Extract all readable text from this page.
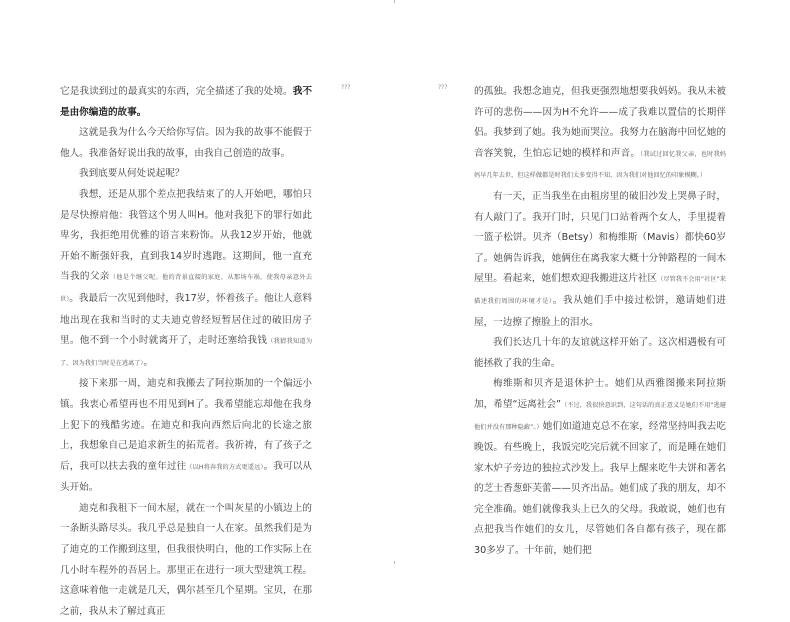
???	???

它是我读到过的最真实的东西，完全描述了我的处境。我不是由你编造的故事。

这就是我为什么今天给你写信。因为我的故事不能假于他人。我准备好说出我的故事，由我自己创造的故事。

我到底要从何处说起呢？

我想，还是从那个差点把我结束了的人开始吧，哪怕只是尽快擦肩他：我管这个男人叫H。他对我犯下的罪行如此卑劣，我拒绝用优雅的语言来粉饰。从我12岁开始，他就开始不断强奸我，直到我14岁时逃跑。这期间，他一直充当我的父亲（他是个继父呢。他的背景直接的家庭，从那场车祸，使我母亲意外去世）。我最后一次见到他时，我17岁，怀着孩子。他让人意料地出现在我和当时的丈夫迪克曾经短暂居住过的破旧房子里。他不到一个小时就离开了，走时还塞给我钱（我猜我知道为了，因为我们当时是在逃离了）。

接下来那一周，迪克和我搬去了阿拉斯加的一个偏远小镇。我衷心希望再也不用见到H了。我希望能忘却他在我身上犯下的残酷劣迹。在迪克和我向西然后向北的长途之旅上，我想象自己是追求新生的拓荒者。我祈祷，有了孩子之后，我可以扶去我的童年过往（以H将奔我的方式更遥远）。我可以从头开始。

迪克和我租下一间木屋，就在一个叫灰星的小镇边上的一条断头路尽头。我几乎总是独自一人在家。虽然我们是为了迪克的工作搬到这里，但我很快明白，他的工作实际上在几小时车程外的吾居上。那里正在进行一项大型建筑工程。这意味着他一走就是几天，偶尔甚至几个星期。宝贝，在那之前，我从未了解过真正

的孤独。我想念迪克，但我更强烈地想要我妈妈。我从未被许可的悲伤——因为H不允许——成了我难以置信的长期伴侣。我梦到了她。我为她而哭泣。我努力在脑海中回忆她的音容笑貌，生怕忘记她的模样和声音。（我试过回忆我父亲，也时我妈妈早几年去世，但这样做都是时我们太多变得不知，因为我们对他回忆的印象模糊。）

有一天，正当我坐在由租房里的破旧沙发上哭鼻子时，有人敲门了。我开门时，只见门口站着两个女人，手里提着一篮子松饼。贝齐（Betsy）和梅维斯（Mavis）都快60岁了。她俩告诉我，她俩住在离我家大概十分钟路程的一间木屋里。看起来，她们想欢迎我搬进这片社区（尽管我不会用“社区”来描述我们周围的环境才是）。我从她们手中接过松饼，邀请她们进屋，一边擦了擦脸上的泪水。

我们长达几十年的友谊就这样开始了。这次相遇极有可能拯救了我的生命。

梅维斯和贝齐是退休护士。她们从西雅图搬来阿拉斯加，希望“远离社会”（不过，我很快意识到，这句话的真正意义是她们不用“逃避他们并没有那种隐蔽”。）她们如道迪克总不在家，经常坚持叫我去吃晚饭。有些晚上，我饭完吃完后就不回家了，而是睡在她们家木炉子旁边的独拉式沙发上。我早上醒来吃牛夫饼和著名的芝士香葱虾芙蕾——贝齐出品。她们成了我的朋友，却不完全准确。她们就像我头上已久的父母。我敢说，她们也有点把我当作她们的女儿，尽管她们各自都有孩子，现在都30多岁了。十年前，她们把
